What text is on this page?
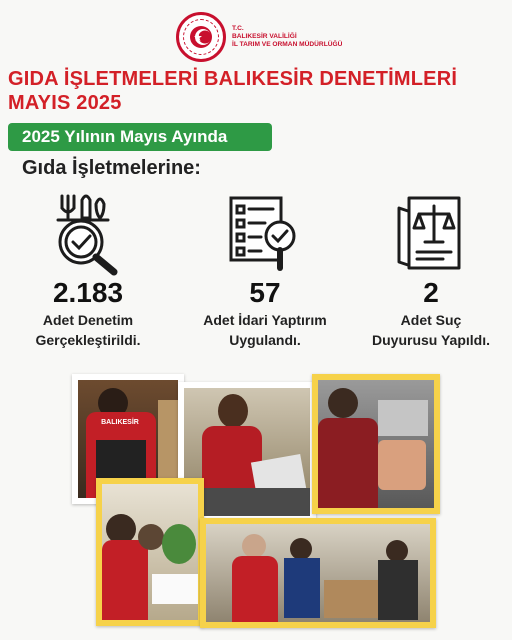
T.C.
BALIKESİR VALİLİĞİ
İL TARIM VE ORMAN MÜDÜRLÜĞÜ
GIDA İŞLETMELERİ BALIKESİR DENETİMLERİ MAYIS 2025
2025 Yılının Mayıs Ayında
Gıda İşletmelerine:
2.183
Adet Denetim
Gerçekleştirildi.
57
Adet İdari Yaptırım
Uygulandı.
2
Adet Suç
Duyurusu Yapıldı.
BALIKESİR
